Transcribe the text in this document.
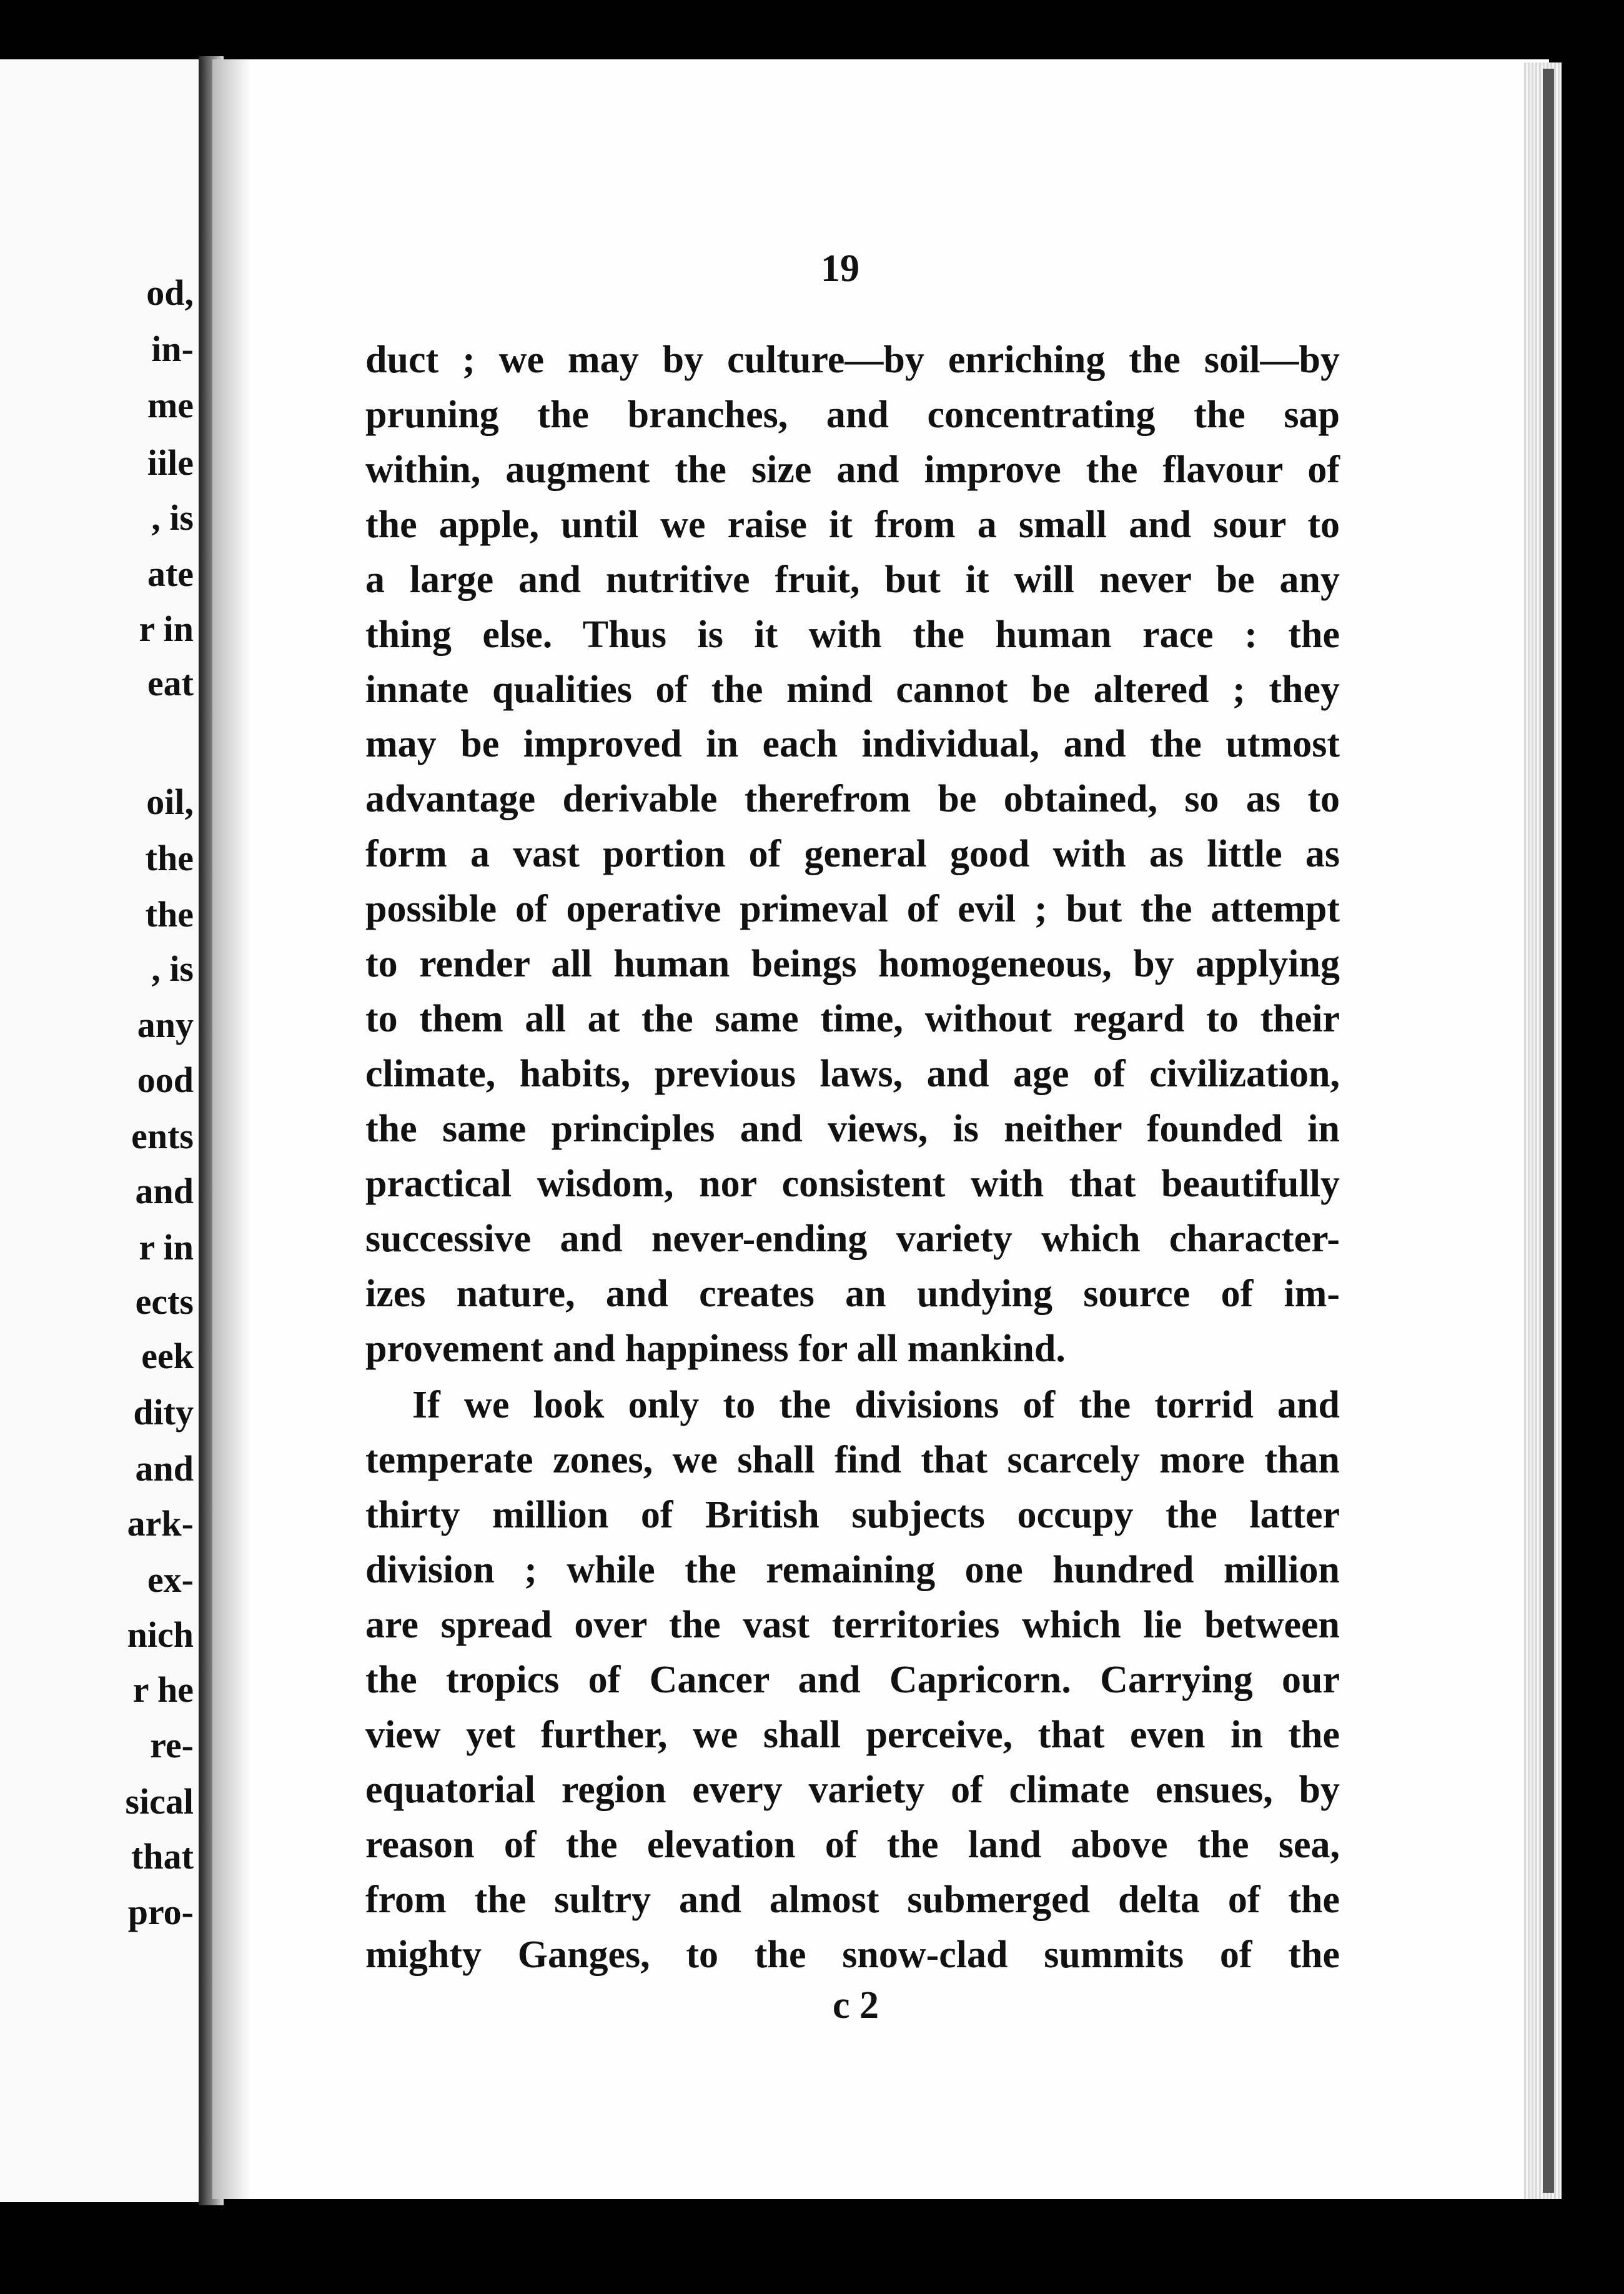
od,
in-
me
iile
, is
ate
r in
eat
oil,
the
the
, is
any
ood
ents
and
r in
ects
eek
dity
and
ark-
ex-
nich
r he
re-
sical
that
pro-
19
duct ; we may by culture—by enriching the soil—by
pruning the branches, and concentrating the sap
within, augment the size and improve the flavour of
the apple, until we raise it from a small and sour to
a large and nutritive fruit, but it will never be any
thing else. Thus is it with the human race : the
innate qualities of the mind cannot be altered ; they
may be improved in each individual, and the utmost
advantage derivable therefrom be obtained, so as to
form a vast portion of general good with as little as
possible of operative primeval of evil ; but the attempt
to render all human beings homogeneous, by applying
to them all at the same time, without regard to their
climate, habits, previous laws, and age of civilization,
the same principles and views, is neither founded in
practical wisdom, nor consistent with that beautifully
successive and never-ending variety which character-
izes nature, and creates an undying source of im-
provement and happiness for all mankind.
If we look only to the divisions of the torrid and
temperate zones, we shall find that scarcely more than
thirty million of British subjects occupy the latter
division ; while the remaining one hundred million
are spread over the vast territories which lie between
the tropics of Cancer and Capricorn. Carrying our
view yet further, we shall perceive, that even in the
equatorial region every variety of climate ensues, by
reason of the elevation of the land above the sea,
from the sultry and almost submerged delta of the
mighty Ganges, to the snow-clad summits of the
c 2
